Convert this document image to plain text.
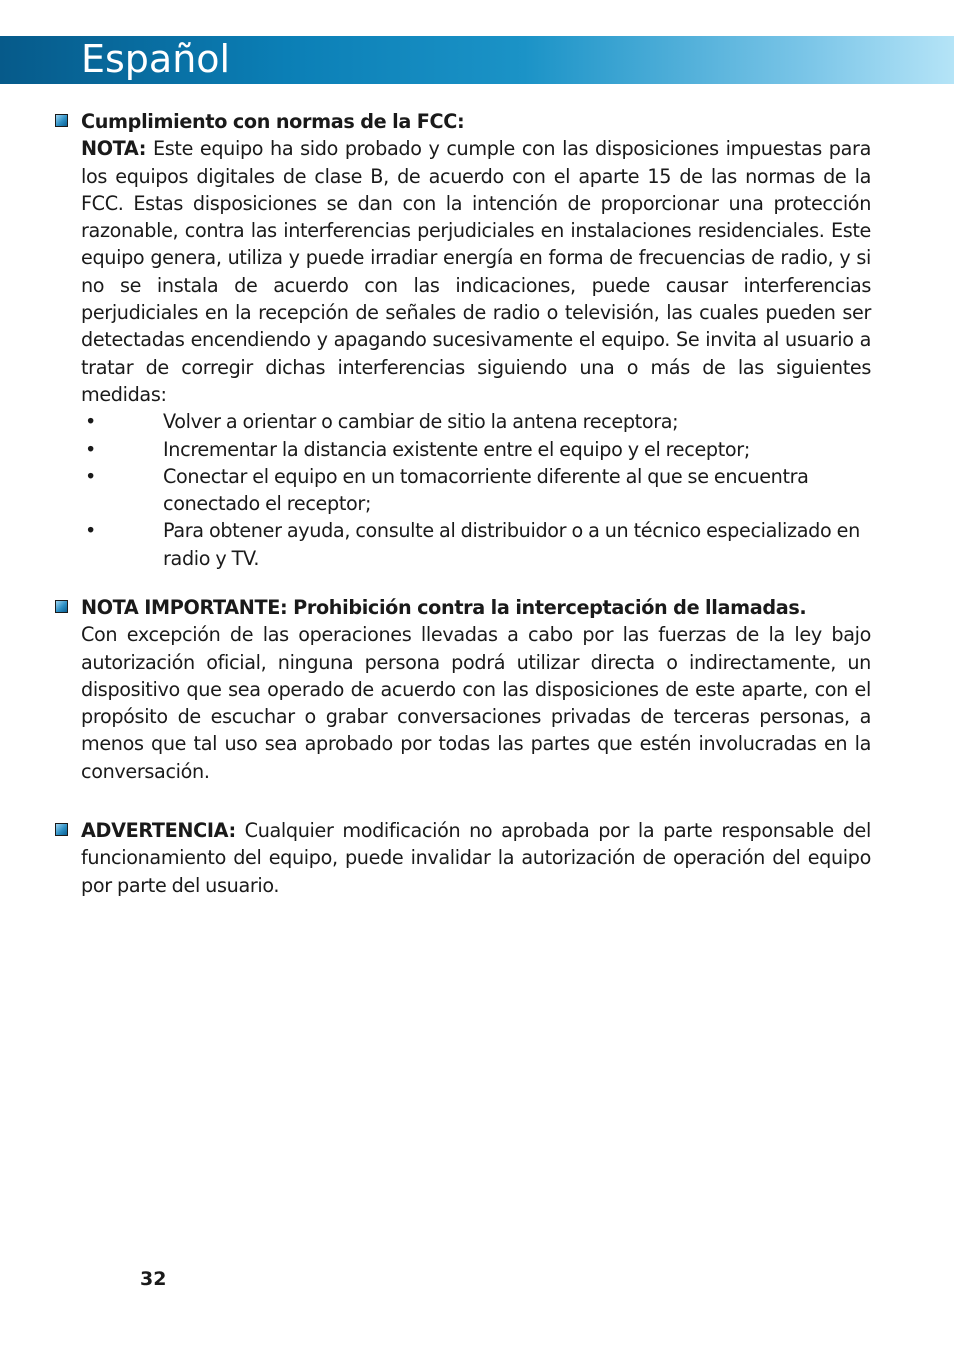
Español
Cumplimiento con normas de la FCC:
NOTA: Este equipo ha sido probado y cumple con las disposiciones impuestas para los equipos digitales de clase B, de acuerdo con el aparte 15 de las normas de la FCC. Estas disposiciones se dan con la intención de proporcionar una protección razonable, contra las interferencias perjudiciales en instalaciones residenciales. Este equipo genera, utiliza y puede irradiar energía en forma de frecuencias de radio, y si no se instala de acuerdo con las indicaciones, puede causar interferencias perjudiciales en la recepción de señales de radio o televisión, las cuales pueden ser detectadas encendiendo y apagando sucesivamente el equipo. Se invita al usuario a tratar de corregir dichas interferencias siguiendo una o más de las siguientes medidas:
•	Volver a orientar o cambiar de sitio la antena receptora;
•	Incrementar la distancia existente entre el equipo y el receptor;
•	Conectar el equipo en un tomacorriente diferente al que se encuentra conectado el receptor;
•	Para obtener ayuda, consulte al distribuidor o a un técnico especializado en radio y TV.
NOTA IMPORTANTE: Prohibición contra la interceptación de llamadas.
Con excepción de las operaciones llevadas a cabo por las fuerzas de la ley bajo autorización oficial, ninguna persona podrá utilizar directa o indirectamente, un dispositivo que sea operado de acuerdo con las disposiciones de este aparte, con el propósito de escuchar o grabar conversaciones privadas de terceras personas, a menos que tal uso sea aprobado por todas las partes que estén involucradas en la conversación.
ADVERTENCIA: Cualquier modificación no aprobada por la parte responsable del funcionamiento del equipo, puede invalidar la autorización de operación del equipo por parte del usuario.
32
